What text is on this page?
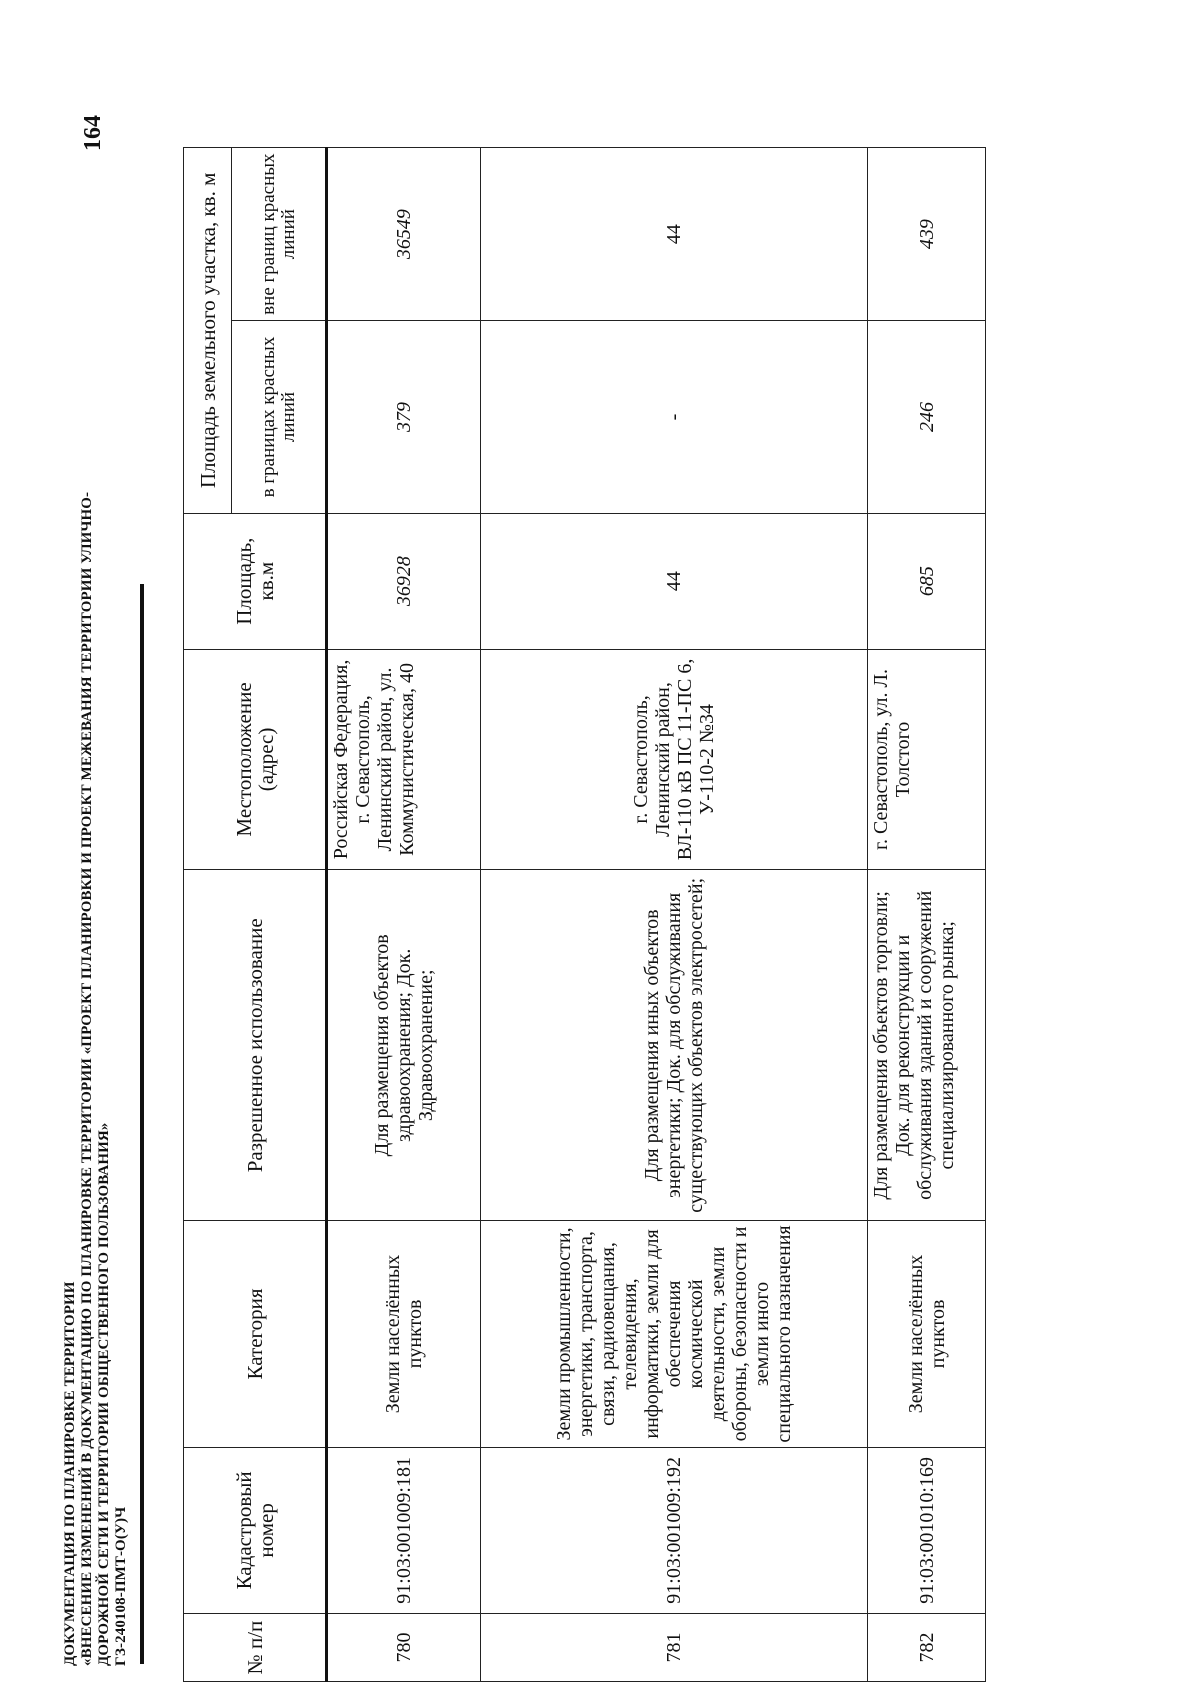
ДОКУМЕНТАЦИЯ ПО ПЛАНИРОВКЕ ТЕРРИТОРИИ «ВНЕСЕНИЕ ИЗМЕНЕНИЙ В ДОКУМЕНТАЦИЮ ПО ПЛАНИРОВКЕ ТЕРРИТОРИИ «ПРОЕКТ ПЛАНИРОВКИ И ПРОЕКТ МЕЖЕВАНИЯ ТЕРРИТОРИИ УЛИЧНО- ДОРОЖНОЙ СЕТИ И ТЕРРИТОРИИ ОБЩЕСТВЕННОГО ПОЛЬЗОВАНИЯ» ГЗ-240108-ПМТ-О(У)Ч
164
№ п/п	Кадастровый номер	Категория	Разрешенное использование	Местоположение (адрес)	Площадь, кв.м	Площадь земельного участка, кв. м	
						в границах красных линий	вне границ красных линий
780	91:03:001009:181	Земли населённых пунктов	Для размещения объектов здравоохранения; Док. Здравоохранение;	Российская Федерация, г. Севастополь, Ленинский район, ул. Коммунистическая, 40	36928	379	36549
781	91:03:001009:192	Земли промышленности, энергетики, транспорта, связи, радиовещания, телевидения, информатики, земли для обеспечения космической деятельности, земли обороны, безопасности и земли иного специального назначения	Для размещения иных объектов энергетики; Док. для обслуживания существующих объектов электросетей;	г. Севастополь, Ленинский район, ВЛ-110 кВ ПС 11-ПС 6, У-110-2 №34	44	-	44
782	91:03:001010:169	Земли населённых пунктов	Для размещения объектов торговли; Док. для реконструкции и обслуживания зданий и сооружений специализированного рынка;	г. Севастополь, ул. Л. Толстого	685	246	439
